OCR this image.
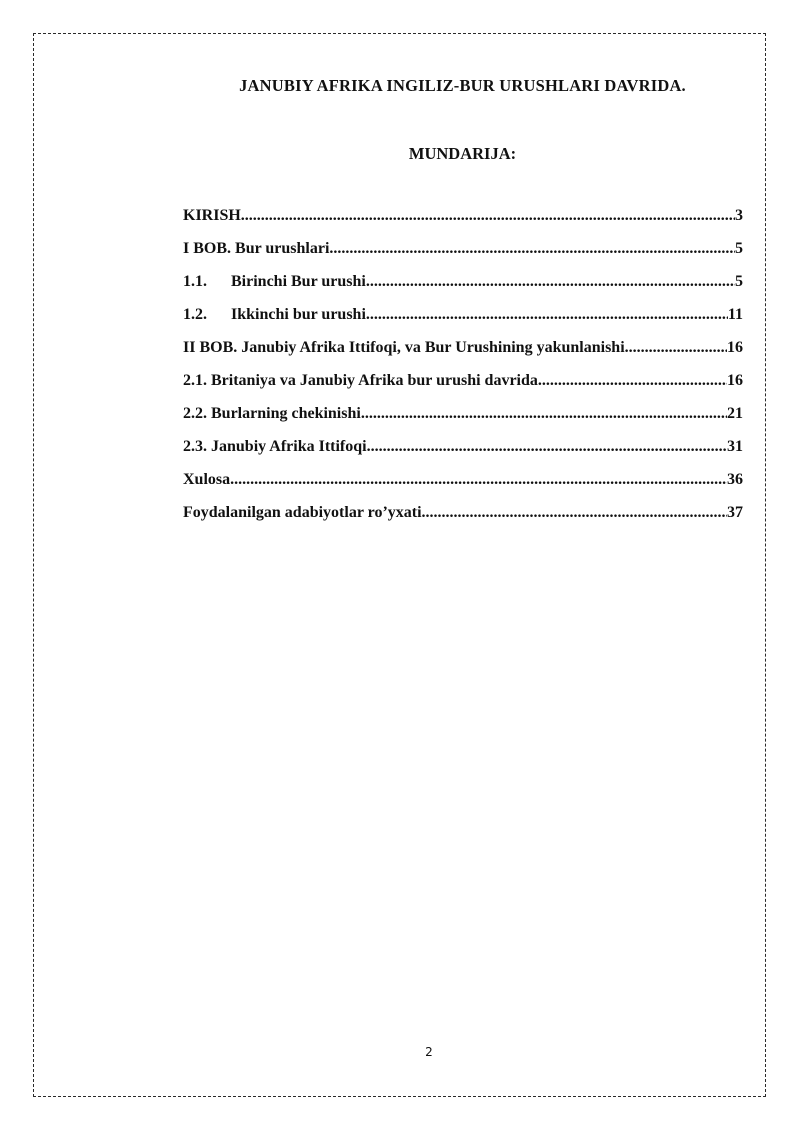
JANUBIY AFRIKA INGILIZ-BUR URUSHLARI DAVRIDA.
MUNDARIJA:
KIRISH .....	3
I BOB. Bur urushlari .....	5
1.1.	Birinchi Bur urushi .....	5
1.2.	Ikkinchi bur urushi .....	11
II BOB. Janubiy Afrika Ittifoqi, va Bur Urushining yakunlanishi .....	16
2.1. Britaniya va Janubiy Afrika bur urushi davrida .....	16
2.2. Burlarning chekinishi .....	21
2.3. Janubiy Afrika Ittifoqi .....	31
Xulosa .....	36
Foydalanilgan adabiyotlar ro’yxati .....	37
2
